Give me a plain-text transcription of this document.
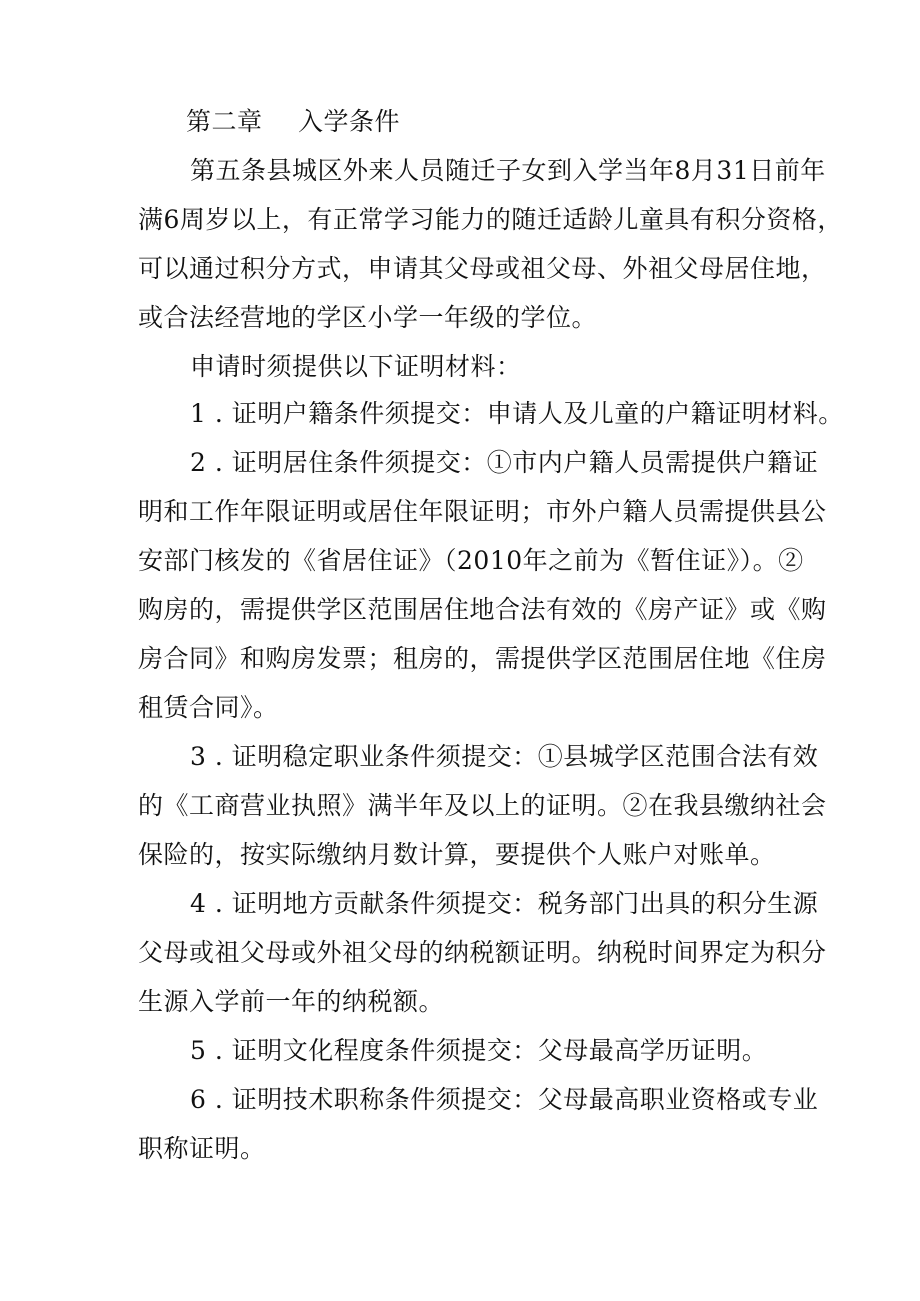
第二章 入学条件
第五条县城区外来人员随迁子女到入学当年8月31日前年
满6周岁以上，有正常学习能力的随迁适龄儿童具有积分资格，
可以通过积分方式，申请其父母或祖父母、外祖父母居住地，
或合法经营地的学区小学一年级的学位。
申请时须提供以下证明材料：
1 . 证明户籍条件须提交：申请人及儿童的户籍证明材料。
2 . 证明居住条件须提交：①市内户籍人员需提供户籍证
明和工作年限证明或居住年限证明；市外户籍人员需提供县公
安部门核发的《省居住证》（2010年之前为《暂住证》）。②
购房的，需提供学区范围居住地合法有效的《房产证》或《购
房合同》和购房发票；租房的，需提供学区范围居住地《住房
租赁合同》。
3 . 证明稳定职业条件须提交：①县城学区范围合法有效
的《工商营业执照》满半年及以上的证明。②在我县缴纳社会
保险的，按实际缴纳月数计算，要提供个人账户对账单。
4 . 证明地方贡献条件须提交：税务部门出具的积分生源
父母或祖父母或外祖父母的纳税额证明。纳税时间界定为积分
生源入学前一年的纳税额。
5 . 证明文化程度条件须提交：父母最高学历证明。
6 . 证明技术职称条件须提交：父母最高职业资格或专业
职称证明。
